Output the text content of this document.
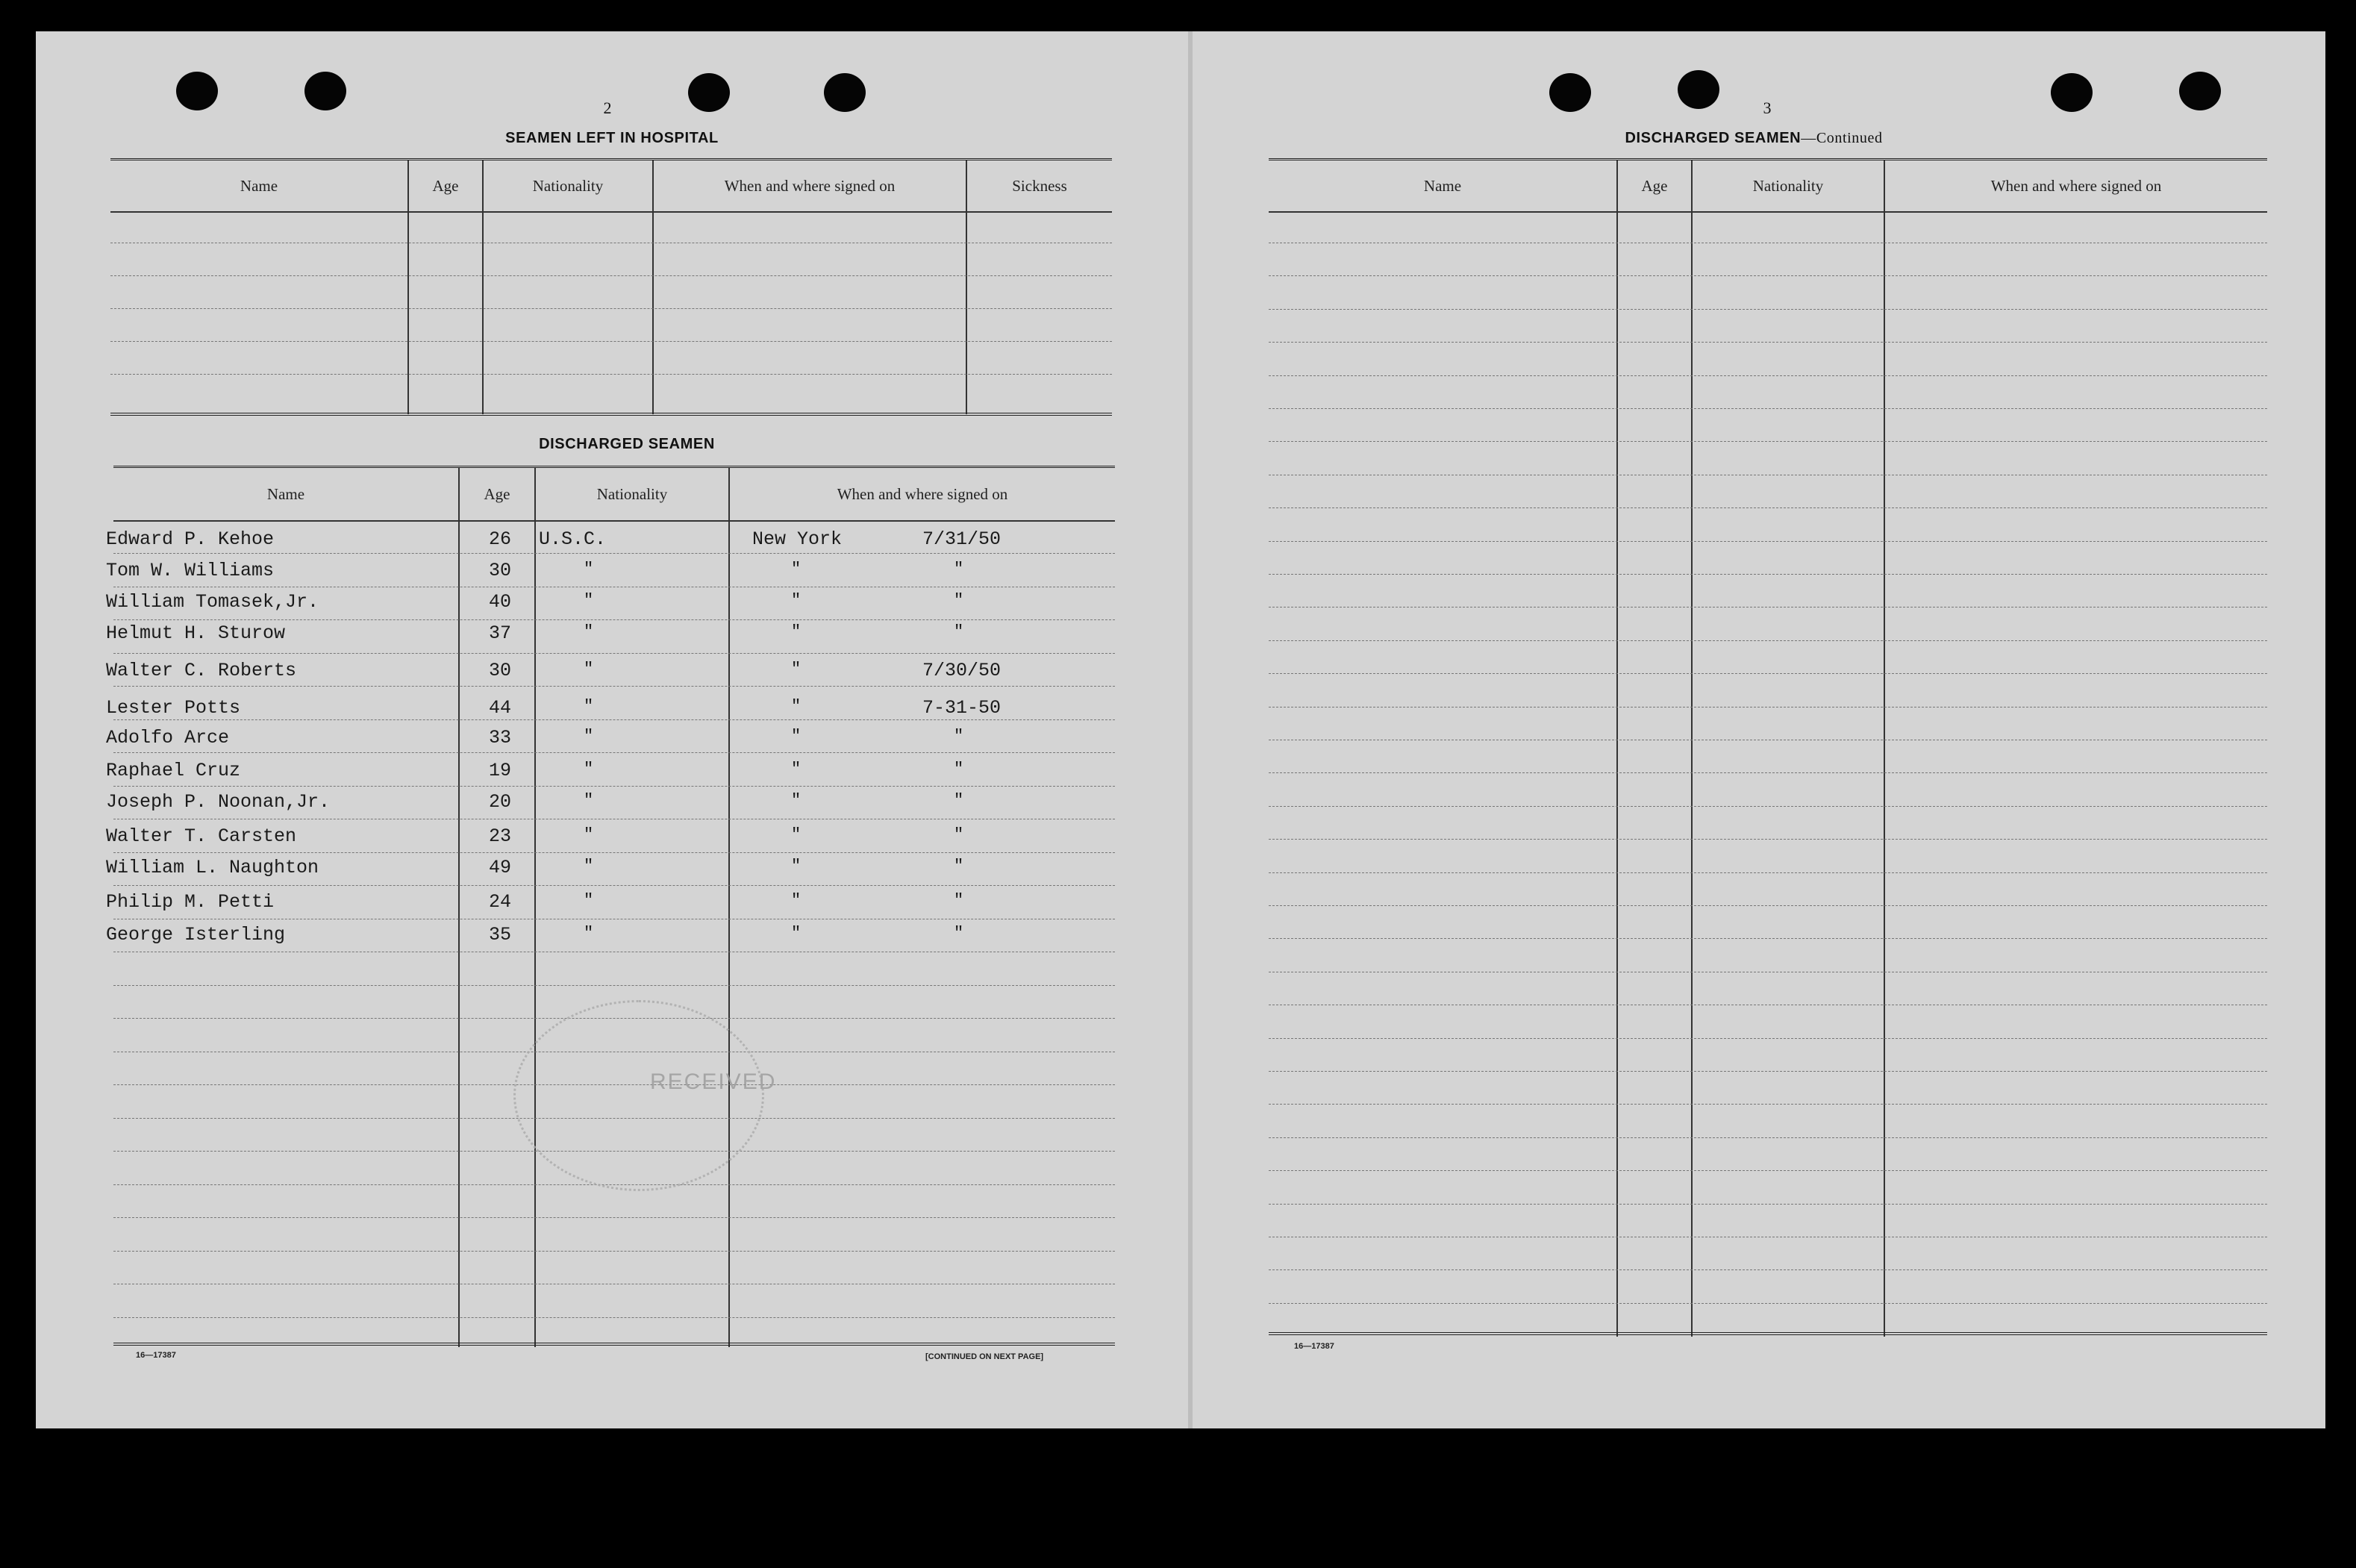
2
SEAMEN LEFT IN HOSPITAL
Name	Age	Nationality	When and where signed on	Sickness
DISCHARGED SEAMEN
Name	Age	Nationality	When and where signed on
Edward P. Kehoe	26 U.S.C.	New York	7/31/50
Tom W. Williams	30	"	"	"
William Tomasek,Jr.	40	"	"	"
Helmut H. Sturow	37	"	"	"
Walter C. Roberts	30	"	"	7/30/50
Lester Potts	44	"	"	7-31-50
Adolfo Arce	33	"	"	"
Raphael Cruz	19	"	"	"
Joseph P. Noonan,Jr.	20	"	"	"
Walter T. Carsten	23	"	"	"
William L. Naughton	49	"	"	"
Philip M. Petti	24	"	"	"
George Isterling	35	"	"	"
RECEIVED
16—17387	[CONTINUED ON NEXT PAGE]
3
DISCHARGED SEAMEN—Continued
Name	Age	Nationality	When and where signed on
16—17387
